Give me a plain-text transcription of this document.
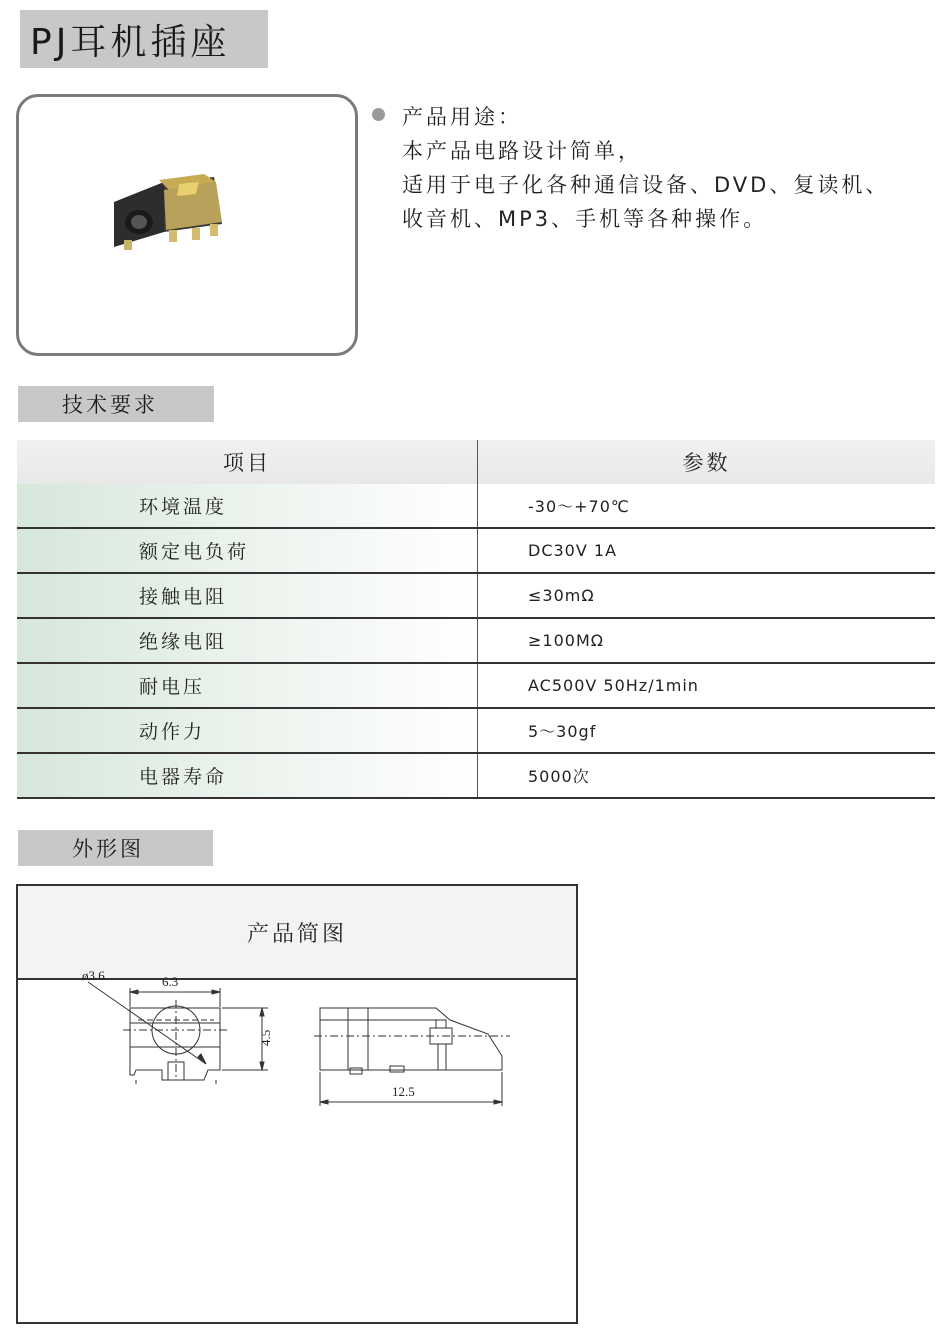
PJ耳机插座
产品用途：
本产品电路设计简单，
适用于电子化各种通信设备、DVD、复读机、
收音机、MP3、手机等各种操作。
技术要求
项目	参数
环境温度	-30～+70℃
额定电负荷	DC30V 1A
接触电阻	≤30mΩ
绝缘电阻	≥100MΩ
耐电压	AC500V 50Hz/1min
动作力	5～30gf
电器寿命	5000次
外形图
产品简图
6.3
ø3.6
4.5
12.5
